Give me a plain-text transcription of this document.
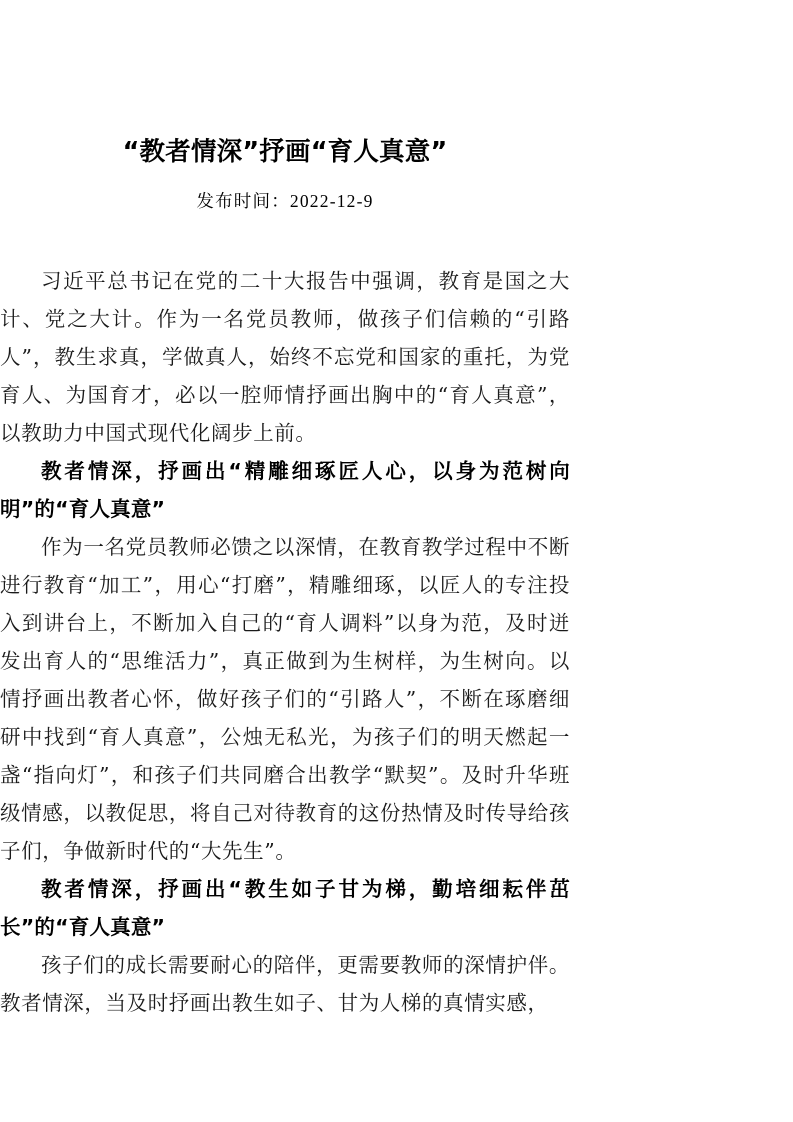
“教者情深”抒画“育人真意”
发布时间：2022-12-9

习近平总书记在党的二十大报告中强调，教育是国之大计、党之大计。作为一名党员教师，做孩子们信赖的“引路人”，教生求真，学做真人，始终不忘党和国家的重托，为党育人、为国育才，必以一腔师情抒画出胸中的“育人真意”，以教助力中国式现代化阔步上前。

教者情深，抒画出“精雕细琢匠人心，以身为范树向明”的“育人真意”

作为一名党员教师必馈之以深情，在教育教学过程中不断进行教育“加工”，用心“打磨”，精雕细琢，以匠人的专注投入到讲台上，不断加入自己的“育人调料”以身为范，及时迸发出育人的“思维活力”，真正做到为生树样，为生树向。以情抒画出教者心怀，做好孩子们的“引路人”，不断在琢磨细研中找到“育人真意”，公烛无私光，为孩子们的明天燃起一盏“指向灯”，和孩子们共同磨合出教学“默契”。及时升华班级情感，以教促思，将自己对待教育的这份热情及时传导给孩子们，争做新时代的“大先生”。

教者情深，抒画出“教生如子甘为梯，勤培细耘伴茁长”的“育人真意”

孩子们的成长需要耐心的陪伴，更需要教师的深情护伴。教者情深，当及时抒画出教生如子、甘为人梯的真情实感，
